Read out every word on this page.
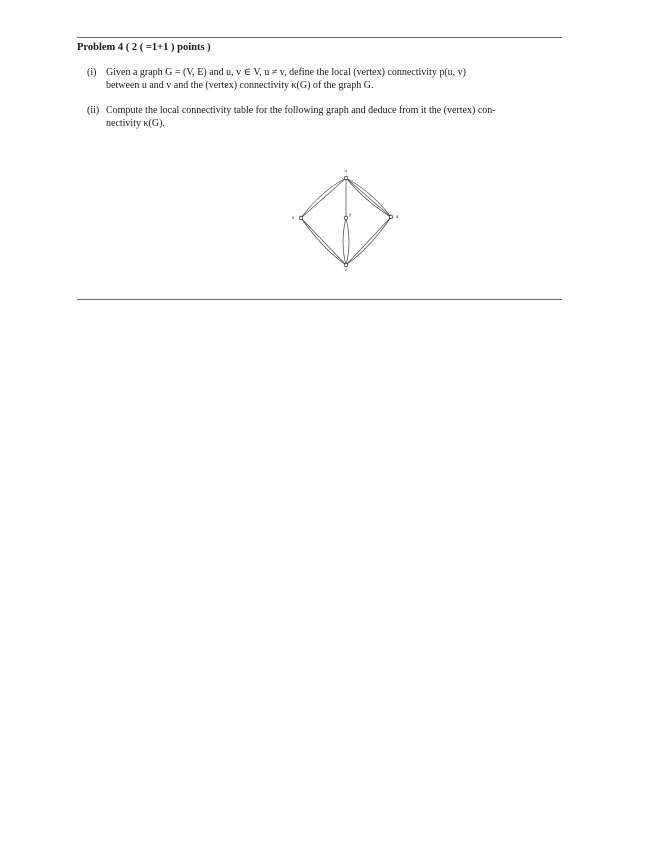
Problem 4 ( 2 ( =1+1 ) points )
(i) Given a graph G = (V, E) and u, v ∈ V, u ≠ v, define the local (vertex) connectivity p(u, v)
between u and v and the (vertex) connectivity κ(G) of the graph G.
(ii) Compute the local connectivity table for the following graph and deduce from it the (vertex) con-
nectivity κ(G).
u
x	a
v
y
